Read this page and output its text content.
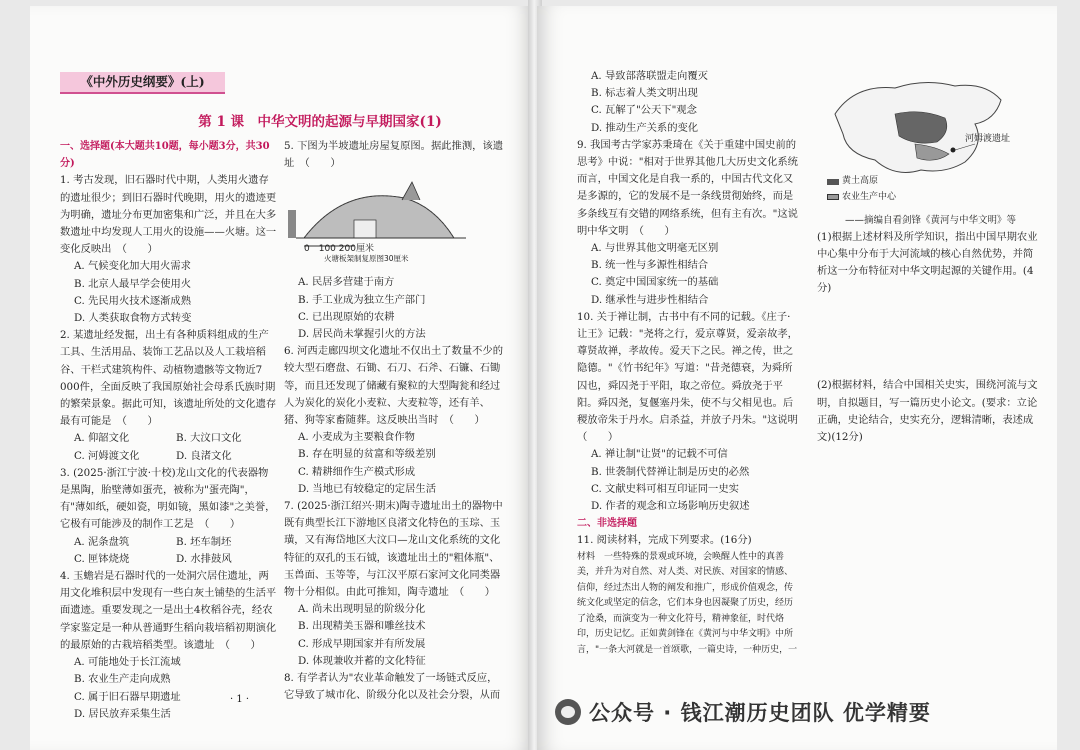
《中外历史纲要》(上)
第 1 课　中华文明的起源与早期国家(1)

一、选择题(本大题共10题，每小题3分，共30分)

1. 考古发现，旧石器时代中期，人类用火遗存的遗址很少；到旧石器时代晚期，用火的遗迹更为明确，遗址分布更加密集和广泛，并且在大多数遗址中均发现人工用火的设施——火塘。这一变化反映出　（　　）

A. 气候变化加大用火需求

B. 北京人最早学会使用火

C. 先民用火技术逐渐成熟

D. 人类获取食物方式转变

2. 某遗址经发掘，出土有各种质料组成的生产工具、生活用品、装饰工艺品以及人工栽培稻谷、干栏式建筑构件、动植物遗骸等文物近7 000件，全面反映了我国原始社会母系氏族时期的繁荣景象。据此可知，该遗址所处的文化遗存最有可能是　（　　）

A. 仰韶文化	B. 大汶口文化
C. 河姆渡文化	D. 良渚文化

3. (2025·浙江宁波·十校)龙山文化的代表器物是黑陶，胎壁薄如蛋壳，被称为"蛋壳陶"，有"薄如纸，硬如瓷，明如镜，黑如漆"之美誉，它极有可能涉及的制作工艺是　（　　）

A. 泥条盘筑	B. 坯车制坯
C. 匣钵烧烧	D. 水排鼓风

4. 玉蟾岩是石器时代的一处洞穴居住遗址，两用文化堆积层中发现有一些白灰土铺垫的生活平面遗迹。重要发现之一是出土4枚稻谷壳，经农学家鉴定是一种从普通野生稻向栽培稻初期演化的最原始的古栽培稻类型。该遗址　（　　）

A. 可能地处于长江流域

B. 农业生产走向成熟

C. 属于旧石器早期遗址

D. 居民放弃采集生活

5. 下图为半坡遗址房屋复原图。据此推测，该遗址　（　　）

0　100 200厘米
火塘板架制复原图30厘米

A. 民居多营建于南方

B. 手工业成为独立生产部门

C. 已出现原始的农耕

D. 居民尚未掌握引火的方法

6. 河西走廊四坝文化遗址不仅出土了数量不少的较大型石磨盘、石锄、石刀、石斧、石镰、石锄等，而且还发现了储藏有聚粒的大型陶瓮和经过人为炭化的炭化小麦粒、大麦粒等，还有羊、猪、狗等家畜随葬。这反映出当时　（　　）

A. 小麦成为主要粮食作物

B. 存在明显的贫富和等级差别

C. 精耕细作生产模式形成

D. 当地已有较稳定的定居生活

7. (2025·浙江绍兴·期末)陶寺遗址出土的器物中既有典型长江下游地区良渚文化特色的玉琮、玉璜，又有海岱地区大汶口—龙山文化系统的文化特征的双孔的玉石钺，该遗址出土的"粗体瓶"、玉兽面、玉等等，与江汉平原石家河文化同类器物十分相似。由此可推知，陶寺遗址　（　　）

A. 尚未出现明显的阶级分化

B. 出现精美玉器和雕丝技术

C. 形成早期国家并有所发展

D. 体现兼收并蓄的文化特征

8. 有学者认为"农业革命触发了一场链式反应，它导致了城市化、阶级分化以及社会分裂，从而　　　

· 1 ·

A. 导致部落联盟走向覆灭

B. 标志着人类文明出现

C. 瓦解了"公天下"观念

D. 推动生产关系的变化

9. 我国考古学家苏秉琦在《关于重建中国史前的思考》中说："相对于世界其他几大历史文化系统而言，中国文化是自我一系的，中国古代文化又是多源的，它的发展不是一条线贯彻始终，而是多条线互有交错的网络系统，但有主有次。"这说明中华文明　（　　）

A. 与世界其他文明毫无区别

B. 统一性与多源性相结合

C. 奠定中国国家统一的基础

D. 继承性与进步性相结合

10. 关于禅让制，古书中有不同的记载。《庄子·让王》记载："尧将之行，爱京尊贤，爱亲故孝，尊贤故禅，孝故传。爱天下之民。禅之传，世之隐德。"《竹书纪年》写道："昔尧德衰，为舜所囚也，舜囚尧于平阳，取之帝位。舜放尧于平阳。舜囚尧，复偃塞丹朱，使不与父相见也。后稷放帝朱于丹水。启杀益，并放子丹朱。"这说明　（　　）

A. 禅让制"让贤"的记载不可信

B. 世袭制代替禅让制是历史的必然

C. 文献史料可相互印证同一史实

D. 作者的观念和立场影响历史叙述

二、非选择题

11. 阅读材料，完成下列要求。(16分)

材料　一些特殊的景观或环境，会唤醒人性中的真善美，并升为对自然、对人类、对民族、对国家的情感、信仰，经过杰出人物的阐发和推广，形成价值观念，传统文化或坚定的信念，它们本身也因凝聚了历史，经历了沧桑，而演变为一种文化符号，精神象征，时代烙印，历史记忆。正如黄剑锋在《黄河与中华文明》中所言，"一条大河就是一首颂歌，一篇史诗，一种历史，一

河姆渡遗址
黄土高原
农业生产中心

——摘编自看剑锋《黄河与中华文明》等

(1)根据上述材料及所学知识，指出中国早期农业中心集中分布于大河流域的核心自然优势，并简析这一分布特征对中华文明起源的关键作用。(4分)

(2)根据材料，结合中国相关史实，围绕河流与文明，自拟题目，写一篇历史小论文。(要求：立论正确，史论结合，史实充分，逻辑清晰，表述成文)(12分)

公众号 · 钱江潮历史团队 优学精要
